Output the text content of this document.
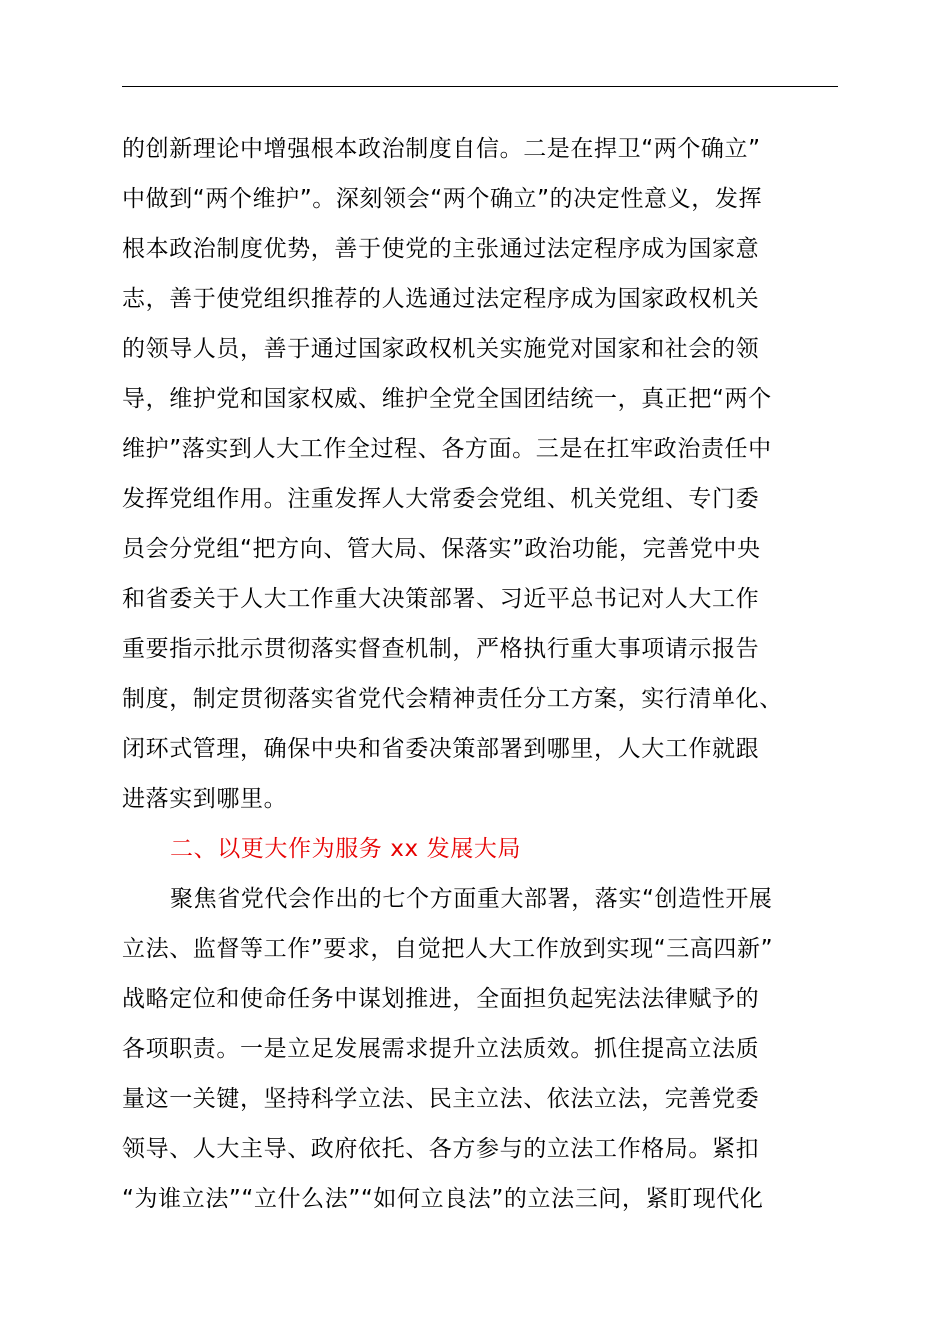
的创新理论中增强根本政治制度自信。二是在捍卫“两个确立”
中做到“两个维护”。深刻领会“两个确立”的决定性意义，发挥
根本政治制度优势，善于使党的主张通过法定程序成为国家意
志，善于使党组织推荐的人选通过法定程序成为国家政权机关
的领导人员，善于通过国家政权机关实施党对国家和社会的领
导，维护党和国家权威、维护全党全国团结统一，真正把“两个
维护”落实到人大工作全过程、各方面。三是在扛牢政治责任中
发挥党组作用。注重发挥人大常委会党组、机关党组、专门委
员会分党组“把方向、管大局、保落实”政治功能，完善党中央
和省委关于人大工作重大决策部署、习近平总书记对人大工作
重要指示批示贯彻落实督查机制，严格执行重大事项请示报告
制度，制定贯彻落实省党代会精神责任分工方案，实行清单化、
闭环式管理，确保中央和省委决策部署到哪里，人大工作就跟
进落实到哪里。
二、以更大作为服务 xx 发展大局
聚焦省党代会作出的七个方面重大部署，落实“创造性开展
立法、监督等工作”要求，自觉把人大工作放到实现“三高四新”
战略定位和使命任务中谋划推进，全面担负起宪法法律赋予的
各项职责。一是立足发展需求提升立法质效。抓住提高立法质
量这一关键，坚持科学立法、民主立法、依法立法，完善党委
领导、人大主导、政府依托、各方参与的立法工作格局。紧扣
“为谁立法”“立什么法”“如何立良法”的立法三问，紧盯现代化
